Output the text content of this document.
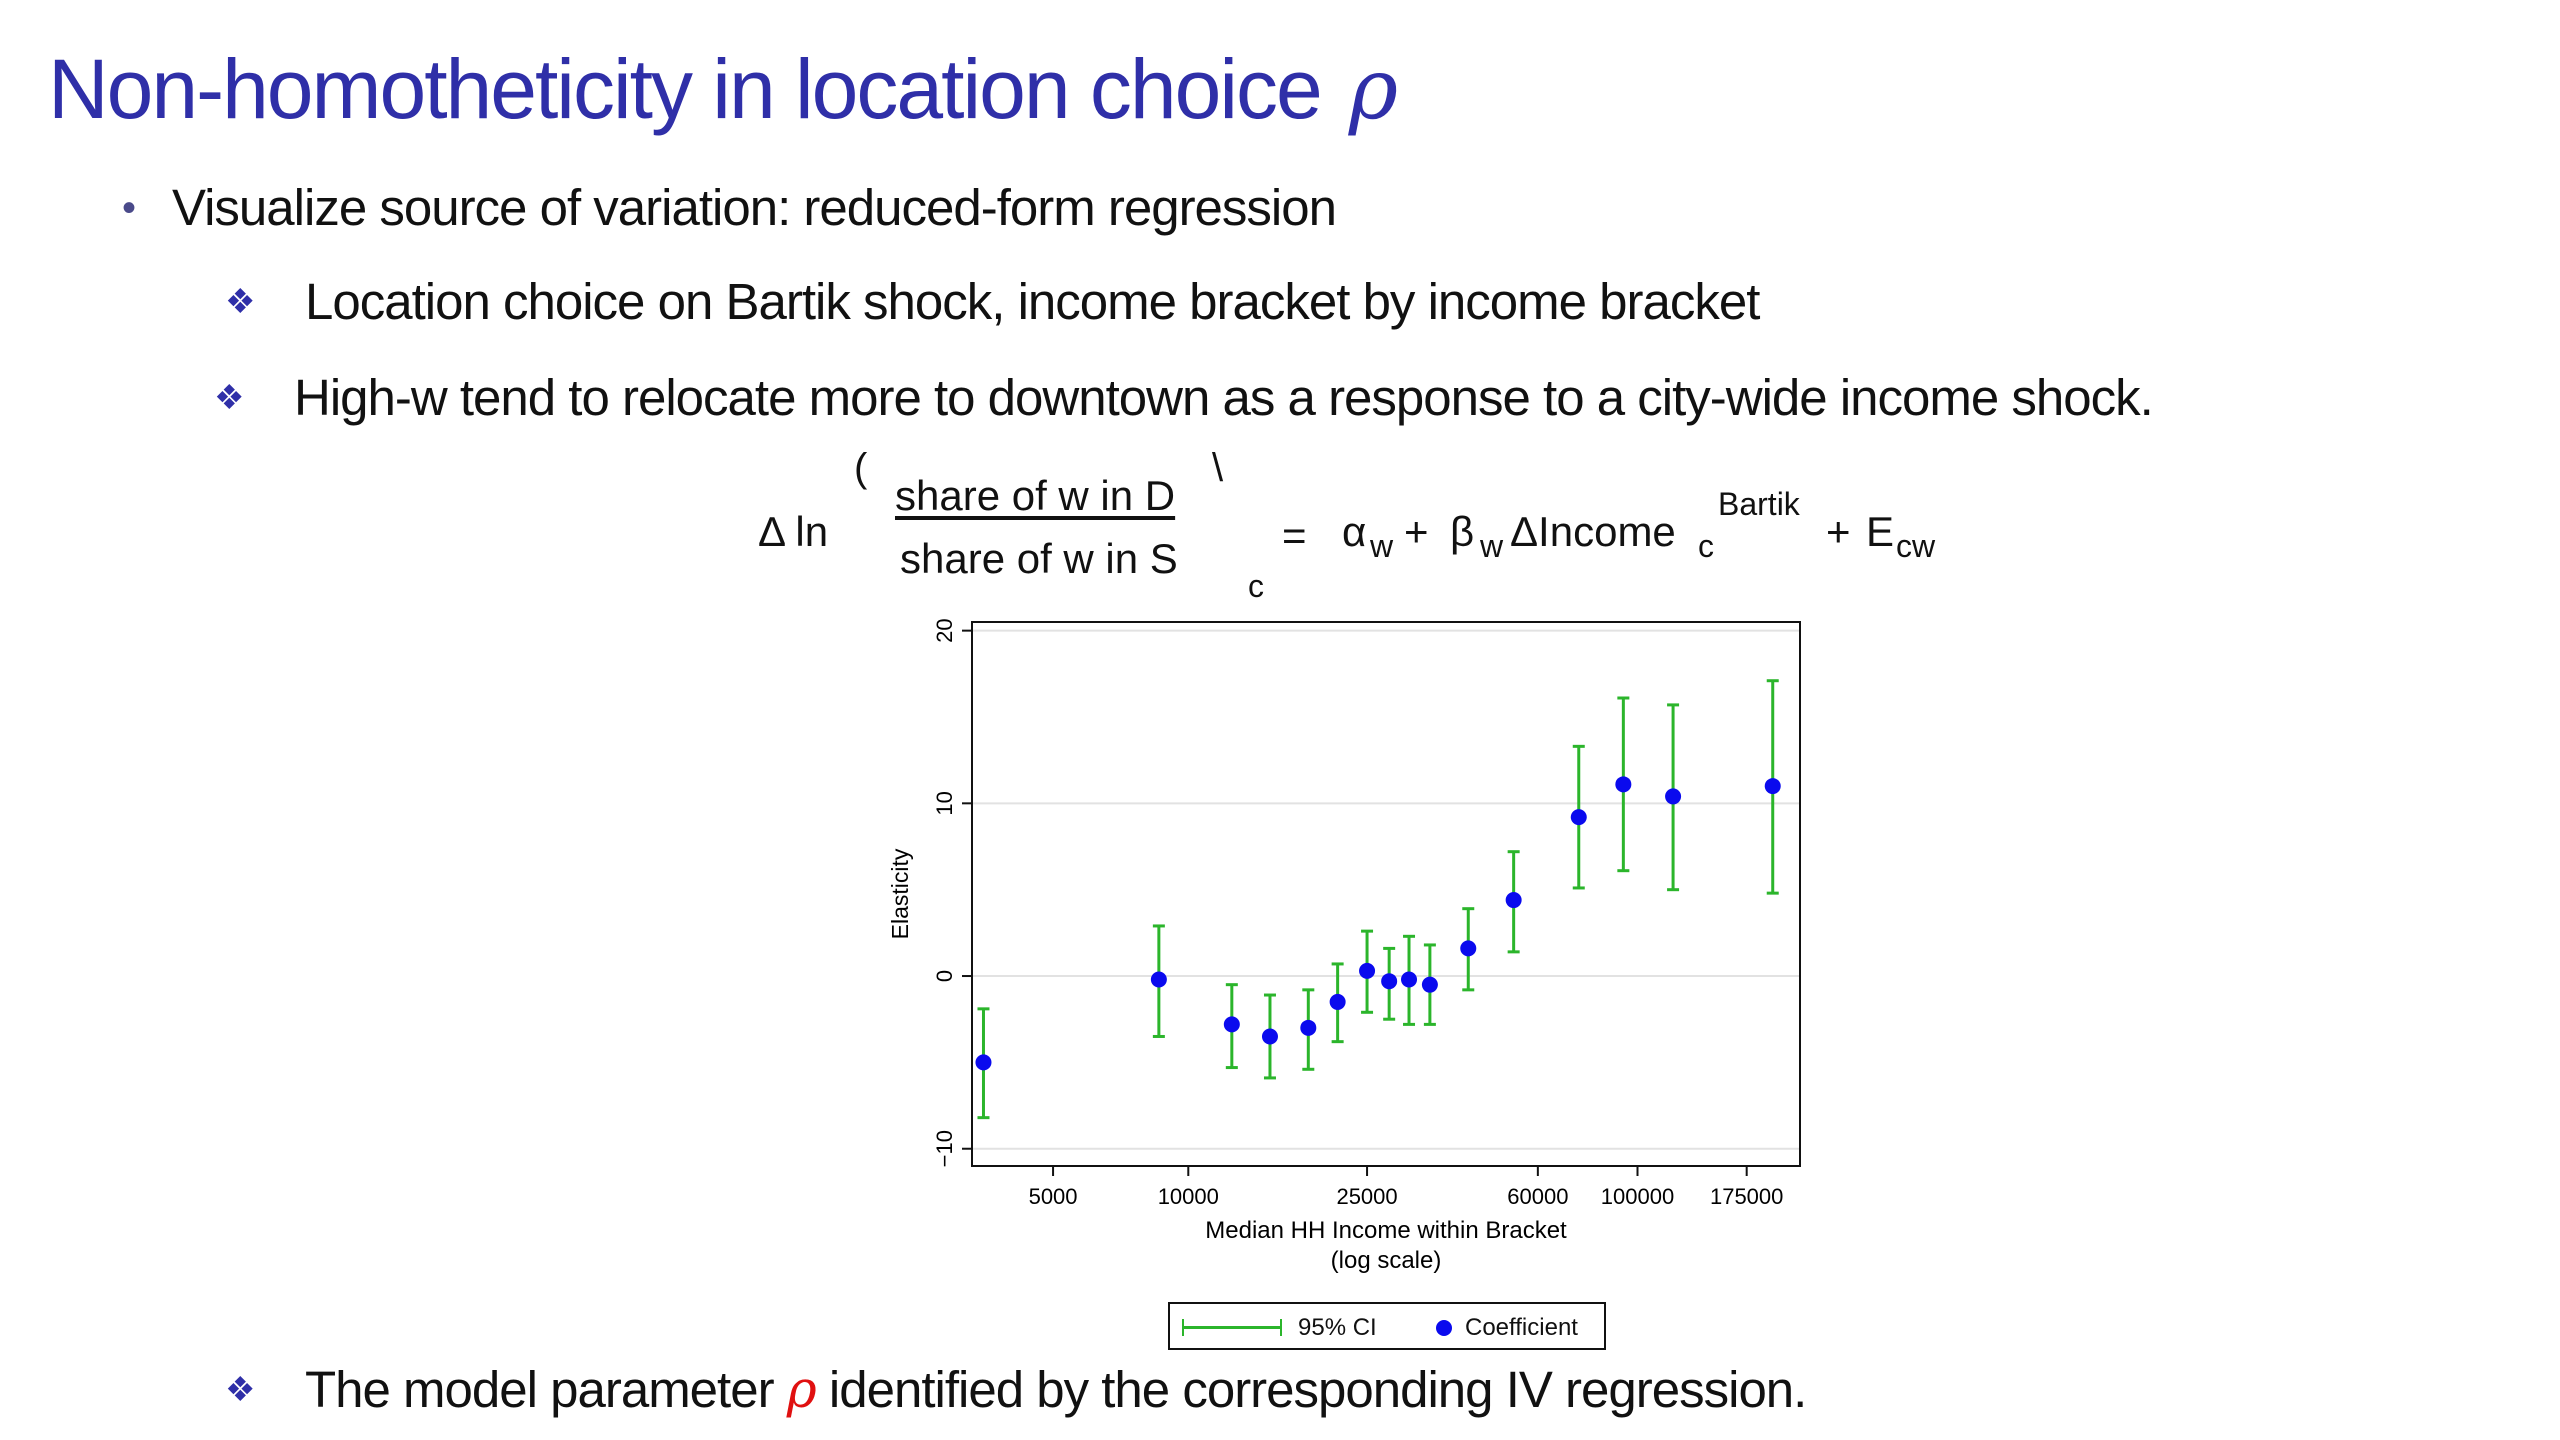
Non-homotheticity in location choice ρ
• Visualize source of variation: reduced-form regression
❖ Location choice on Bartik shock, income bracket by income bracket
❖ High-w tend to relocate more to downtown as a response to a city-wide income shock.
Δ ln
(
share of w in D
share of w in S
\
c
= α w + β w ΔIncome c
Bartik
+ E cw
−10
0
10
20
5000	10000	25000	60000 100000 175000
Elasticity
Median HH Income within Bracket
(log scale)
95% CI	Coefficient
❖ The model parameter ρ identified by the corresponding IV regression.
